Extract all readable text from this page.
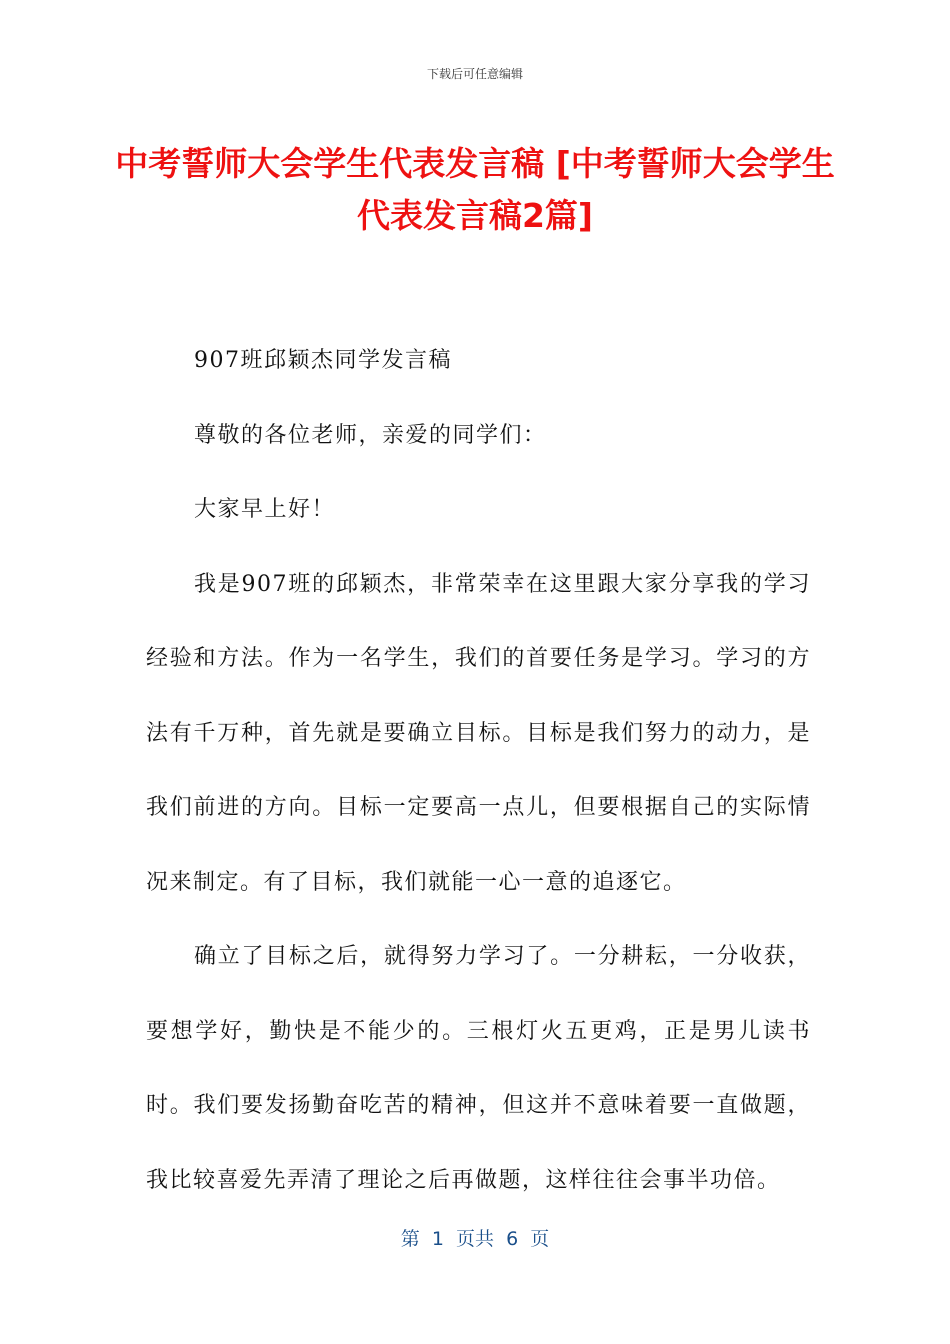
下载后可任意编辑
中考誓师大会学生代表发言稿 [中考誓师大会学生代表发言稿2篇]

907班邱颖杰同学发言稿

尊敬的各位老师，亲爱的同学们：

大家早上好！

我是907班的邱颖杰，非常荣幸在这里跟大家分享我的学习经验和方法。作为一名学生，我们的首要任务是学习。学习的方法有千万种，首先就是要确立目标。目标是我们努力的动力，是我们前进的方向。目标一定要高一点儿，但要根据自己的实际情况来制定。有了目标，我们就能一心一意的追逐它。

确立了目标之后，就得努力学习了。一分耕耘，一分收获，要想学好，勤快是不能少的。三根灯火五更鸡，正是男儿读书时。我们要发扬勤奋吃苦的精神，但这并不意味着要一直做题，我比较喜爱先弄清了理论之后再做题，这样往往会事半功倍。

第  1  页共  6  页
